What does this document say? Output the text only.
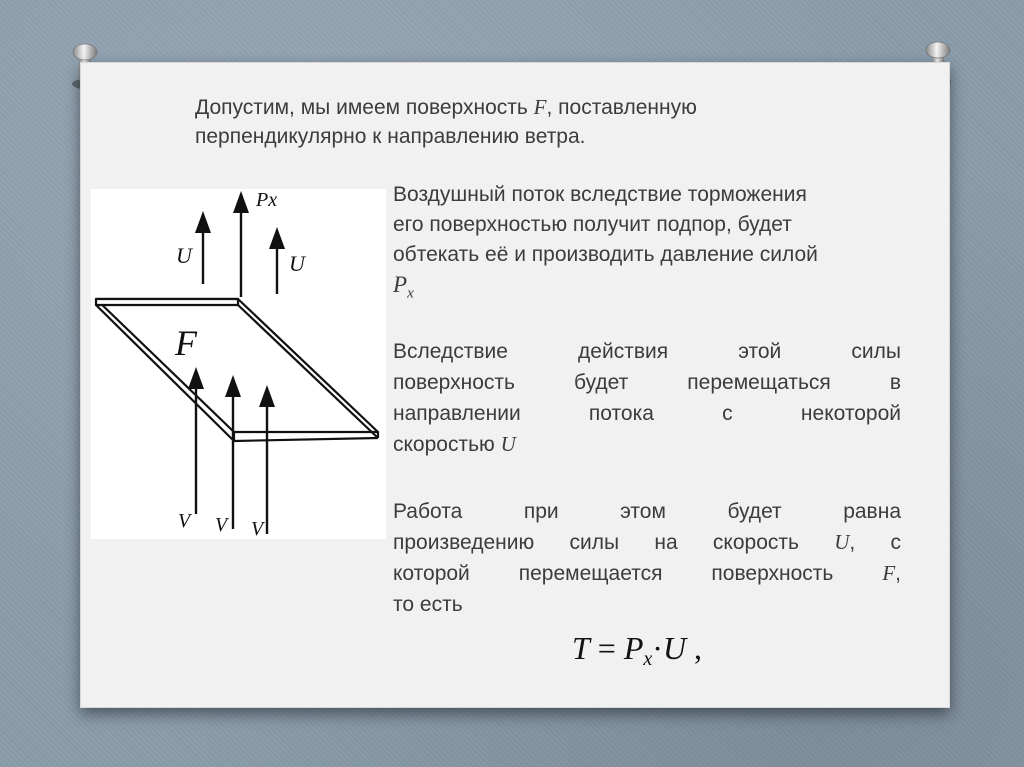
Допустим, мы имеем поверхность F, поставленную
перпендикулярно к направлению ветра.

U
Px
U
F
V V V

Воздушный поток вследствие торможения
его поверхностью получит подпор, будет
обтекать её и производить давление силой
$P_x$

Вследствие действия этой силы
поверхность будет перемещаться в
направлении потока с некоторой
скоростью U

Работа при этом будет равна
произведению силы на скорость U, с
которой перемещается поверхность F,
то есть

$T = P_x\cdot U$ ,
